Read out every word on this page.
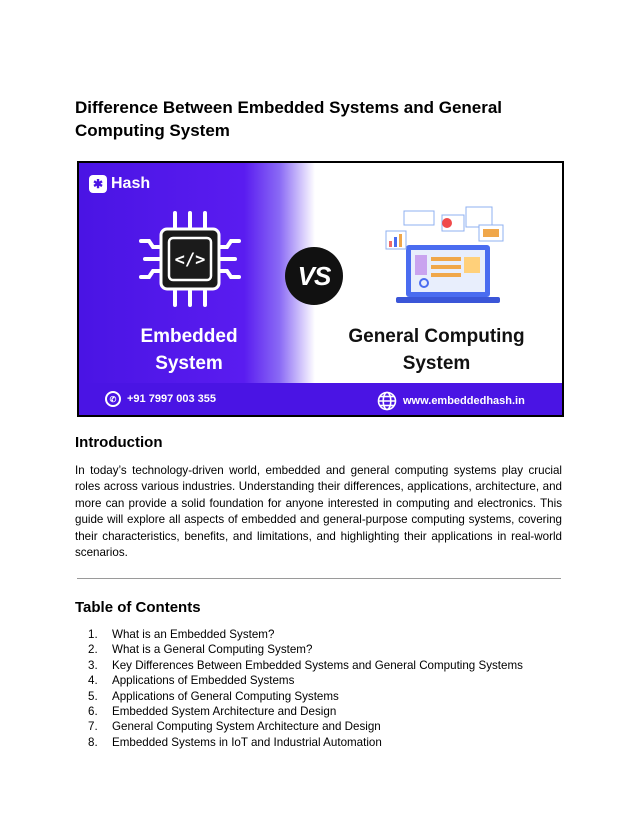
Difference Between Embedded Systems and General Computing System
✱ Hash
</>
Embedded
System
VS
General Computing
System
✆ +91 7997 003 355	www.embeddedhash.in
Introduction

In today’s technology-driven world, embedded and general computing systems play crucial roles across various industries. Understanding their differences, applications, architecture, and more can provide a solid foundation for anyone interested in computing and electronics. This guide will explore all aspects of embedded and general-purpose computing systems, covering their characteristics, benefits, and limitations, and highlighting their applications in real-world scenarios.

Table of Contents
1.	What is an Embedded System?
2.	What is a General Computing System?
3.	Key Differences Between Embedded Systems and General Computing Systems
4.	Applications of Embedded Systems
5.	Applications of General Computing Systems
6.	Embedded System Architecture and Design
7.	General Computing System Architecture and Design
8.	Embedded Systems in IoT and Industrial Automation
